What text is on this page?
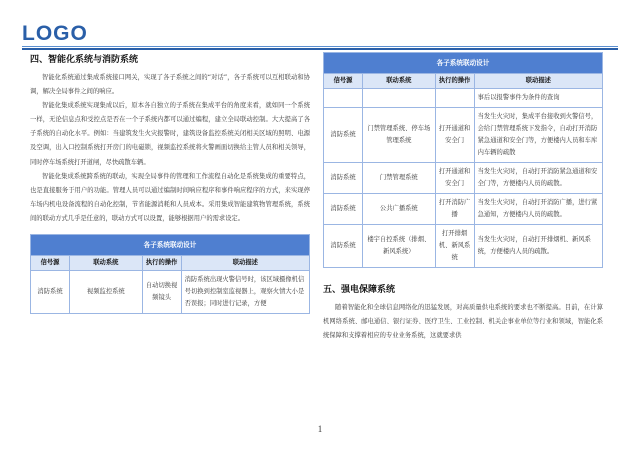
LOGO
四、智能化系统与消防系统

智能化系统通过集成系统接口网关，实现了各子系统之间的“对话”，各子系统可以互相联动和协调，解决全局事件之间的响应。

智能化集成系统实现集成以后，原本各自独立的子系统在集成平台的角度来看，就如同一个系统一样，无论信息点和受控点是否在一个子系统内都可以通过编程，建立全局联动控制。大大提高了各子系统的自动化水平。例如：当建筑发生火灾报警时，建筑设备监控系统关闭相关区域的照明、电源及空调，出入口控制系统打开房门的电磁锁，视频监控系统将火警画面切换给主管人员和相关领导，同时停车场系统打开道闸，尽快疏散车辆。

智能化集成系统跨系统的联动，实现全局事件的管理和工作流程自动化是系统集成的重要特点，也是直接服务于用户的功能。管理人员可以通过编制时间响应程序和事件响应程序的方式，来实现停车场内机电设备流程的自动化控制，节省能源消耗和人员成本。采用集成智能建筑物管理系统，系统间的联动方式几乎是任意的，联动方式可以设置，能够根据用户的需求设定。

各子系统联动设计			
信号源	联动系统	执行的操作	联动描述
消防系统	视频监控系统	自动切换视频镜头	消防系统出现火警信号时，该区域摄像机信号切换到控制室监视器上，观察火情大小是否误报；同时进行记录，方便
各子系统联动设计			
信号源	联动系统	执行的操作	联动描述
			事后以报警事件为条件的查询
消防系统	门禁管理系统、停车场管理系统	打开通道和安全门	当发生火灾时，集成平台接收到火警信号，会给门禁管理系统下发指令，自动打开消防紧急通道和安全门等，方便楼内人员和车库内车辆的疏散
消防系统	门禁管理系统	打开通道和安全门	当发生火灾时，自动打开消防紧急通道和安全门等，方便楼内人员的疏散。
消防系统	公共广播系统	打开消防广播	当发生火灾时，自动打开消防广播，进行紧急通知，方便楼内人员的疏散。
消防系统	楼宇自控系统（排烟、新风系统）	打开排烟机、新风系统	当发生火灾时，自动打开排烟机、新风系统，方便楼内人员的疏散。
五、强电保障系统

随着智能化和全球信息网络化的迅猛发展，对高质量供电系统的要求也不断提高。目前，在计算机网络系统、邮电通信、银行证券、医疗卫生、工业控制、机关企事业单位等行业和领域，智能化系统保障和支撑着相应的专业业务系统，这就要求供

1
